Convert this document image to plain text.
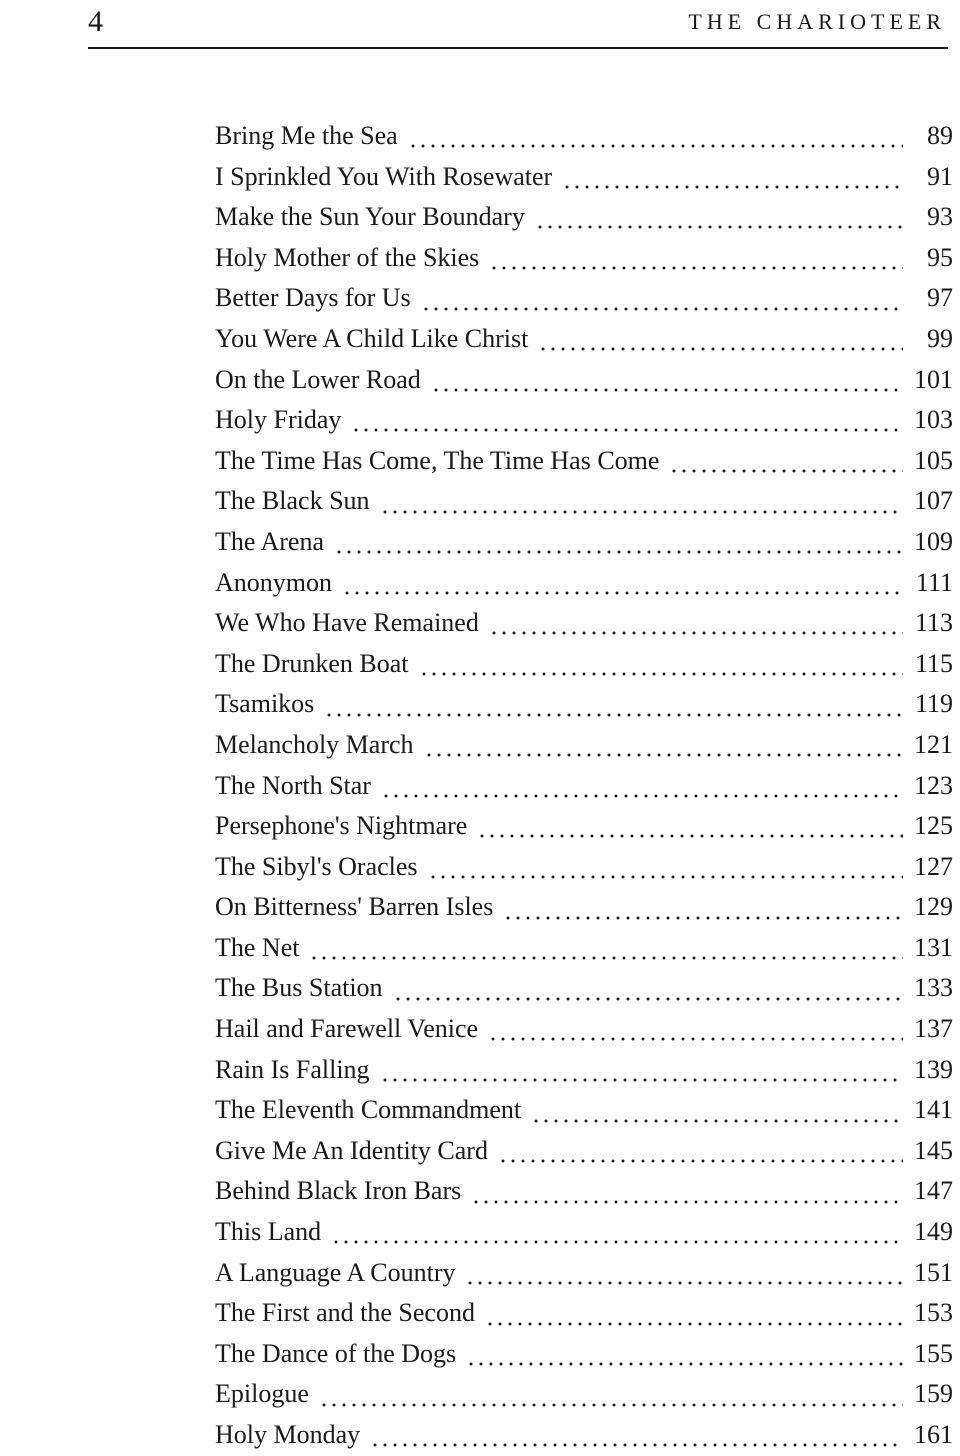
4	THE CHARIOTEER
Bring Me the Sea	89
I Sprinkled You With Rosewater	91
Make the Sun Your Boundary	93
Holy Mother of the Skies	95
Better Days for Us	97
You Were A Child Like Christ	99
On the Lower Road	101
Holy Friday	103
The Time Has Come, The Time Has Come	105
The Black Sun	107
The Arena	109
Anonymon	111
We Who Have Remained	113
The Drunken Boat	115
Tsamikos	119
Melancholy March	121
The North Star	123
Persephone's Nightmare	125
The Sibyl's Oracles	127
On Bitterness' Barren Isles	129
The Net	131
The Bus Station	133
Hail and Farewell Venice	137
Rain Is Falling	139
The Eleventh Commandment	141
Give Me An Identity Card	145
Behind Black Iron Bars	147
This Land	149
A Language A Country	151
The First and the Second	153
The Dance of the Dogs	155
Epilogue	159
Holy Monday	161
